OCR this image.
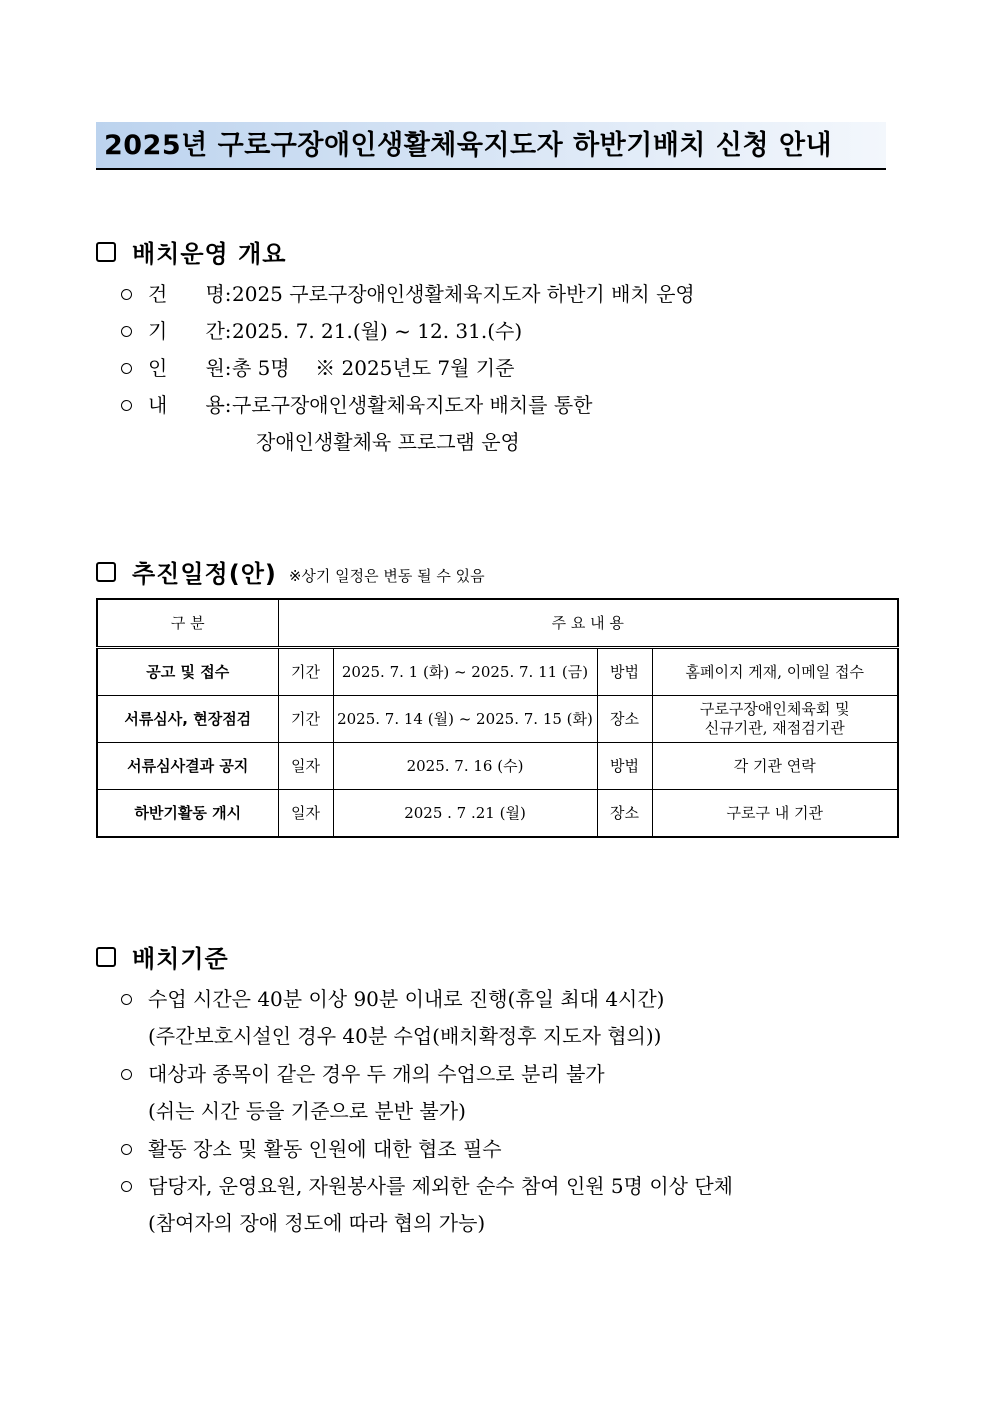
2025년 구로구장애인생활체육지도자 하반기배치 신청 안내
배치운영 개요
건      명:2025 구로구장애인생활체육지도자 하반기 배치 운영
기      간:2025. 7. 21.(월) ~ 12. 31.(수)
인      원:총 5명    ※ 2025년도 7월 기준
내      용:구로구장애인생활체육지도자 배치를 통한
장애인생활체육 프로그램 운영
추진일정(안) ※상기 일정은 변동 될 수 있음
구 분	주 요 내 용			
공고 및 접수	기간	2025. 7. 1 (화) ~ 2025. 7. 11 (금)	방법	홈페이지 게재, 이메일 접수
서류심사, 현장점검	기간	2025. 7. 14 (월) ~ 2025. 7. 15 (화)	장소	구로구장애인체육회 및
신규기관, 재점검기관
서류심사결과 공지	일자	2025. 7. 16 (수)	방법	각 기관 연락
하반기활동 개시	일자	2025 . 7 .21 (월)	장소	구로구 내 기관
배치기준
수업 시간은 40분 이상 90분 이내로 진행(휴일 최대 4시간)
(주간보호시설인 경우 40분 수업(배치확정후 지도자 협의))
대상과 종목이 같은 경우 두 개의 수업으로 분리 불가
(쉬는 시간 등을 기준으로 분반 불가)
활동 장소 및 활동 인원에 대한 협조 필수
담당자, 운영요원, 자원봉사를 제외한 순수 참여 인원 5명 이상 단체
(참여자의 장애 정도에 따라 협의 가능)
